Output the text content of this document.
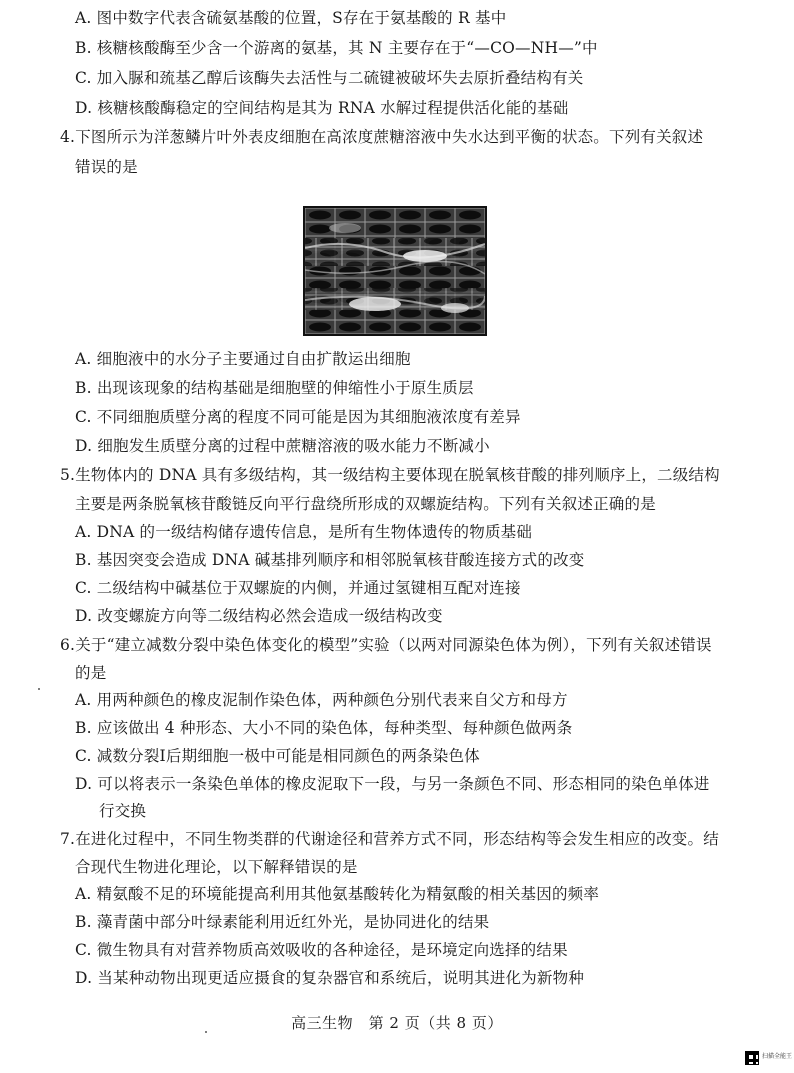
A. 图中数字代表含硫氨基酸的位置，S存在于氨基酸的 R 基中
B. 核糖核酸酶至少含一个游离的氨基，其 N 主要存在于“—CO—NH—”中
C. 加入脲和巯基乙醇后该酶失去活性与二硫键被破坏失去原折叠结构有关
D. 核糖核酸酶稳定的空间结构是其为 RNA 水解过程提供活化能的基础
4.下图所示为洋葱鳞片叶外表皮细胞在高浓度蔗糖溶液中失水达到平衡的状态。下列有关叙述
错误的是
A. 细胞液中的水分子主要通过自由扩散运出细胞
B. 出现该现象的结构基础是细胞壁的伸缩性小于原生质层
C. 不同细胞质壁分离的程度不同可能是因为其细胞液浓度有差异
D. 细胞发生质壁分离的过程中蔗糖溶液的吸水能力不断减小
5.生物体内的 DNA 具有多级结构，其一级结构主要体现在脱氧核苷酸的排列顺序上，二级结构
主要是两条脱氧核苷酸链反向平行盘绕所形成的双螺旋结构。下列有关叙述正确的是
A. DNA 的一级结构储存遗传信息，是所有生物体遗传的物质基础
B. 基因突变会造成 DNA 碱基排列顺序和相邻脱氧核苷酸连接方式的改变
C. 二级结构中碱基位于双螺旋的内侧，并通过氢键相互配对连接
D. 改变螺旋方向等二级结构必然会造成一级结构改变
6.关于“建立减数分裂中染色体变化的模型”实验（以两对同源染色体为例），下列有关叙述错误
的是
A. 用两种颜色的橡皮泥制作染色体，两种颜色分别代表来自父方和母方
B. 应该做出 4 种形态、大小不同的染色体，每种类型、每种颜色做两条
C. 减数分裂Ⅰ后期细胞一极中可能是相同颜色的两条染色体
D. 可以将表示一条染色单体的橡皮泥取下一段，与另一条颜色不同、形态相同的染色单体进
行交换
7.在进化过程中，不同生物类群的代谢途径和营养方式不同，形态结构等会发生相应的改变。结
合现代生物进化理论，以下解释错误的是
A. 精氨酸不足的环境能提高利用其他氨基酸转化为精氨酸的相关基因的频率
B. 藻青菌中部分叶绿素能利用近红外光，是协同进化的结果
C. 微生物具有对营养物质高效吸收的各种途径，是环境定向选择的结果
D. 当某种动物出现更适应摄食的复杂器官和系统后，说明其进化为新物种
高三生物　第 2 页（共 8 页）
扫描全能王
